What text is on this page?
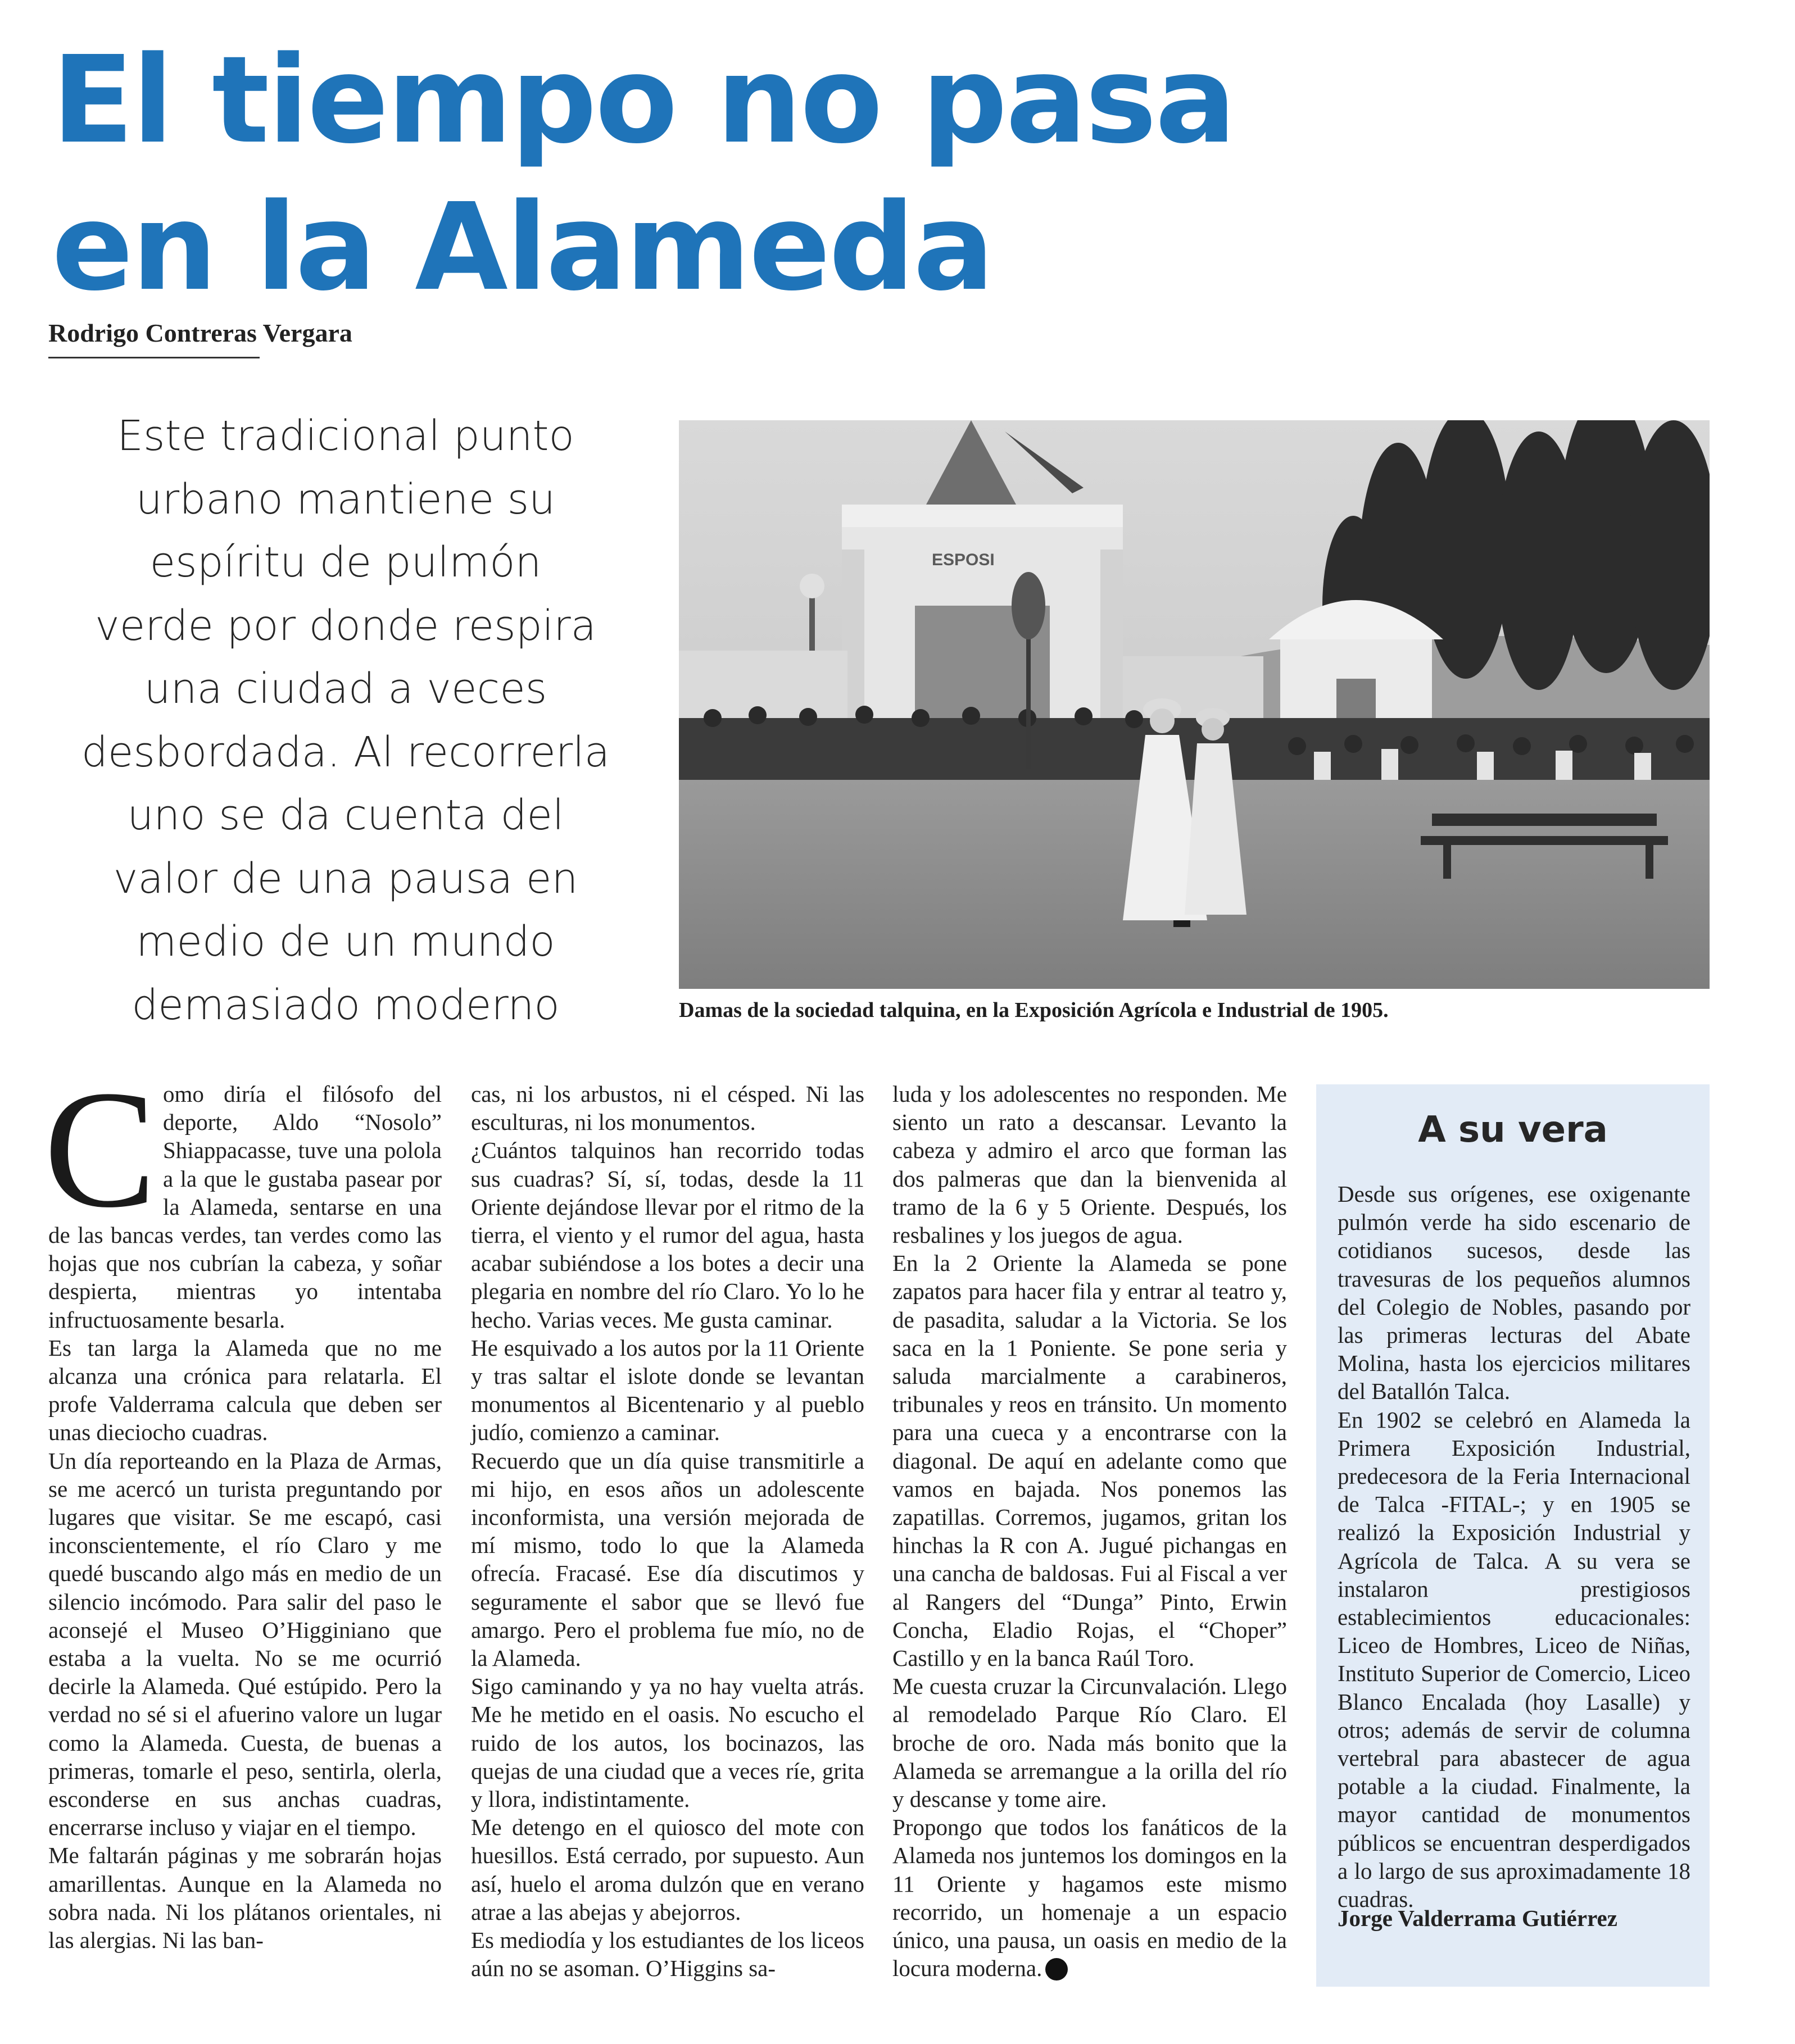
El tiempo no pasa
en la Alameda
Rodrigo Contreras Vergara
Este tradicional punto
urbano mantiene su
espíritu de pulmón
verde por donde respira
una ciudad a veces
desbordada. Al recorrerla
uno se da cuenta del
valor de una pausa en
medio de un mundo
demasiado moderno
ESPOSI
Damas de la sociedad talquina, en la Exposición Agrícola e Industrial de 1905.
C omo diría el filósofo del deporte, Aldo “Nosolo” Shiappacasse, tuve una polola a la que le gustaba pasear por la Alameda, sentarse en una de las bancas verdes, tan verdes como las hojas que nos cubrían la cabeza, y soñar despierta, mientras yo intentaba infructuosamente besarla.

Es tan larga la Alameda que no me alcanza una crónica para relatarla. El profe Valderrama calcula que deben ser unas dieciocho cuadras.

Un día reporteando en la Plaza de Armas, se me acercó un turista preguntando por lugares que visitar. Se me escapó, casi inconscientemente, el río Claro y me quedé buscando algo más en medio de un silencio incómodo. Para salir del paso le aconsejé el Museo O’Higginiano que estaba a la vuelta. No se me ocurrió decirle la Alameda. Qué estúpido. Pero la verdad no sé si el afuerino valore un lugar como la Alameda. Cuesta, de buenas a primeras, tomarle el peso, sentirla, olerla, esconderse en sus anchas cuadras, encerrarse incluso y viajar en el tiempo.

Me faltarán páginas y me sobrarán hojas amarillentas. Aunque en la Alameda no sobra nada. Ni los plátanos orientales, ni las alergias. Ni las ban-

cas, ni los arbustos, ni el césped. Ni las esculturas, ni los monumentos.

¿Cuántos talquinos han recorrido todas sus cuadras? Sí, sí, todas, desde la 11 Oriente dejándose llevar por el ritmo de la tierra, el viento y el rumor del agua, hasta acabar subiéndose a los botes a decir una plegaria en nombre del río Claro. Yo lo he hecho. Varias veces. Me gusta caminar.

He esquivado a los autos por la 11 Oriente y tras saltar el islote donde se levantan monumentos al Bicentenario y al pueblo judío, comienzo a caminar.

Recuerdo que un día quise transmitirle a mi hijo, en esos años un adolescente inconformista, una versión mejorada de mí mismo, todo lo que la Alameda ofrecía. Fracasé. Ese día discutimos y seguramente el sabor que se llevó fue amargo. Pero el problema fue mío, no de la Alameda.

Sigo caminando y ya no hay vuelta atrás. Me he metido en el oasis. No escucho el ruido de los autos, los bocinazos, las quejas de una ciudad que a veces ríe, grita y llora, indistintamente.

Me detengo en el quiosco del mote con huesillos. Está cerrado, por supuesto. Aun así, huelo el aroma dulzón que en verano atrae a las abejas y abejorros.

Es mediodía y los estudiantes de los liceos aún no se asoman. O’Higgins sa-

luda y los adolescentes no responden. Me siento un rato a descansar. Levanto la cabeza y admiro el arco que forman las dos palmeras que dan la bienvenida al tramo de la 6 y 5 Oriente. Después, los resbalines y los juegos de agua.

En la 2 Oriente la Alameda se pone zapatos para hacer fila y entrar al teatro y, de pasadita, saludar a la Victoria. Se los saca en la 1 Poniente. Se pone seria y saluda marcialmente a carabineros, tribunales y reos en tránsito. Un momento para una cueca y a encontrarse con la diagonal. De aquí en adelante como que vamos en bajada. Nos ponemos las zapatillas. Corremos, jugamos, gritan los hinchas la R con A. Jugué pichangas en una cancha de baldosas. Fui al Fiscal a ver al Rangers del “Dunga” Pinto, Erwin Concha, Eladio Rojas, el “Choper” Castillo y en la banca Raúl Toro.

Me cuesta cruzar la Circunvalación. Llego al remodelado Parque Río Claro. El broche de oro. Nada más bonito que la Alameda se arremangue a la orilla del río y descanse y tome aire.

Propongo que todos los fanáticos de la Alameda nos juntemos los domingos en la 11 Oriente y hagamos este mismo recorrido, un homenaje a un espacio único, una pausa, un oasis en medio de la locura moderna.

A su vera

Desde sus orígenes, ese oxigenante pulmón verde ha sido escenario de cotidianos sucesos, desde las travesuras de los pequeños alumnos del Colegio de Nobles, pasando por las primeras lecturas del Abate Molina, hasta los ejercicios militares del Batallón Talca.

En 1902 se celebró en Alameda la Primera Exposición Industrial, predecesora de la Feria Internacional de Talca -FITAL-; y en 1905 se realizó la Exposición Industrial y Agrícola de Talca. A su vera se instalaron prestigiosos establecimientos educacionales: Liceo de Hombres, Liceo de Niñas, Instituto Superior de Comercio, Liceo Blanco Encalada (hoy Lasalle) y otros; además de servir de columna vertebral para abastecer de agua potable a la ciudad. Finalmente, la mayor cantidad de monumentos públicos se encuentran desperdigados a lo largo de sus aproximadamente 18 cuadras.

Jorge Valderrama Gutiérrez
